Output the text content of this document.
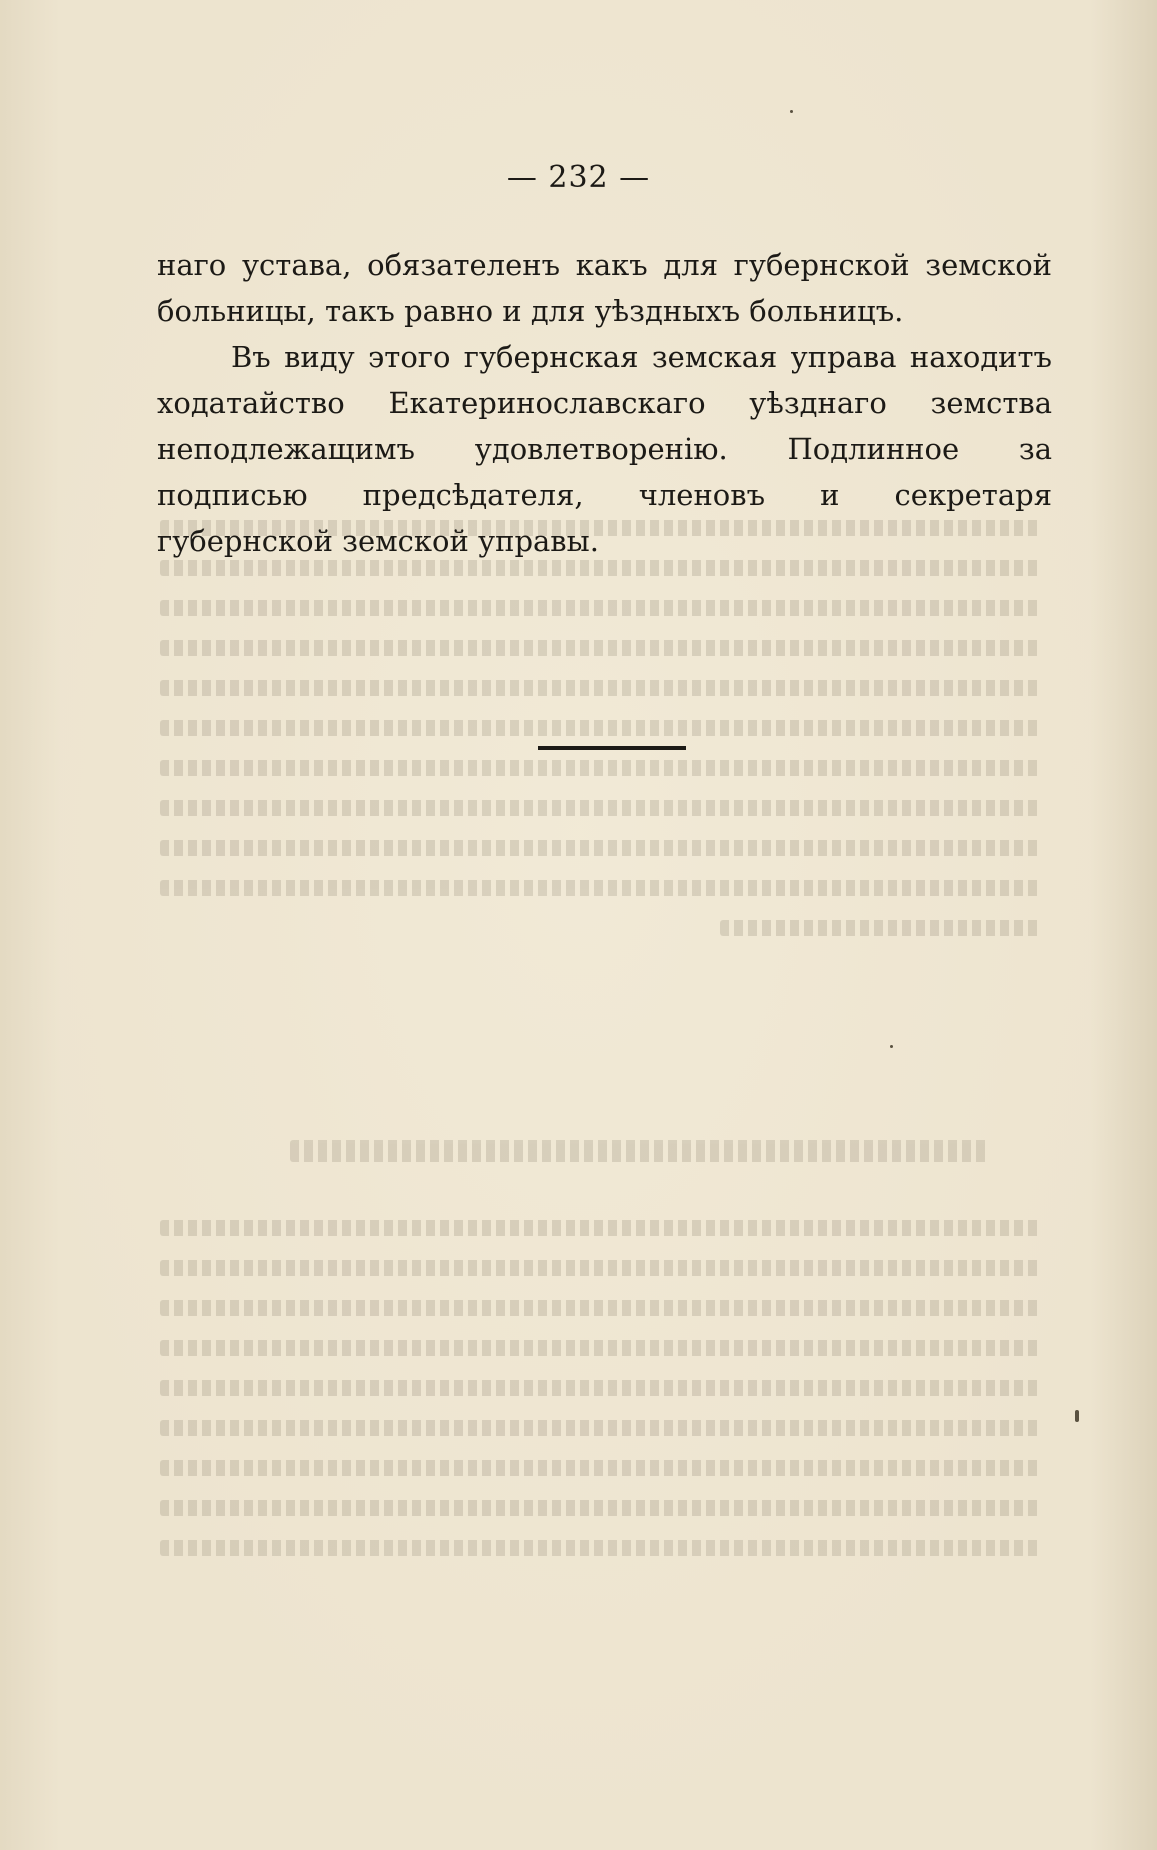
— 232 —

наго устава, обязателенъ какъ для губернской земской больницы, такъ равно и для уѣздныхъ больницъ.

Въ виду этого губернская земская управа находитъ ходатайство Екатеринославскаго уѣзднаго земства неподлежащимъ удовлетворенію. Подлинное за подписью предсѣдателя, членовъ и секретаря губернской земской управы.
